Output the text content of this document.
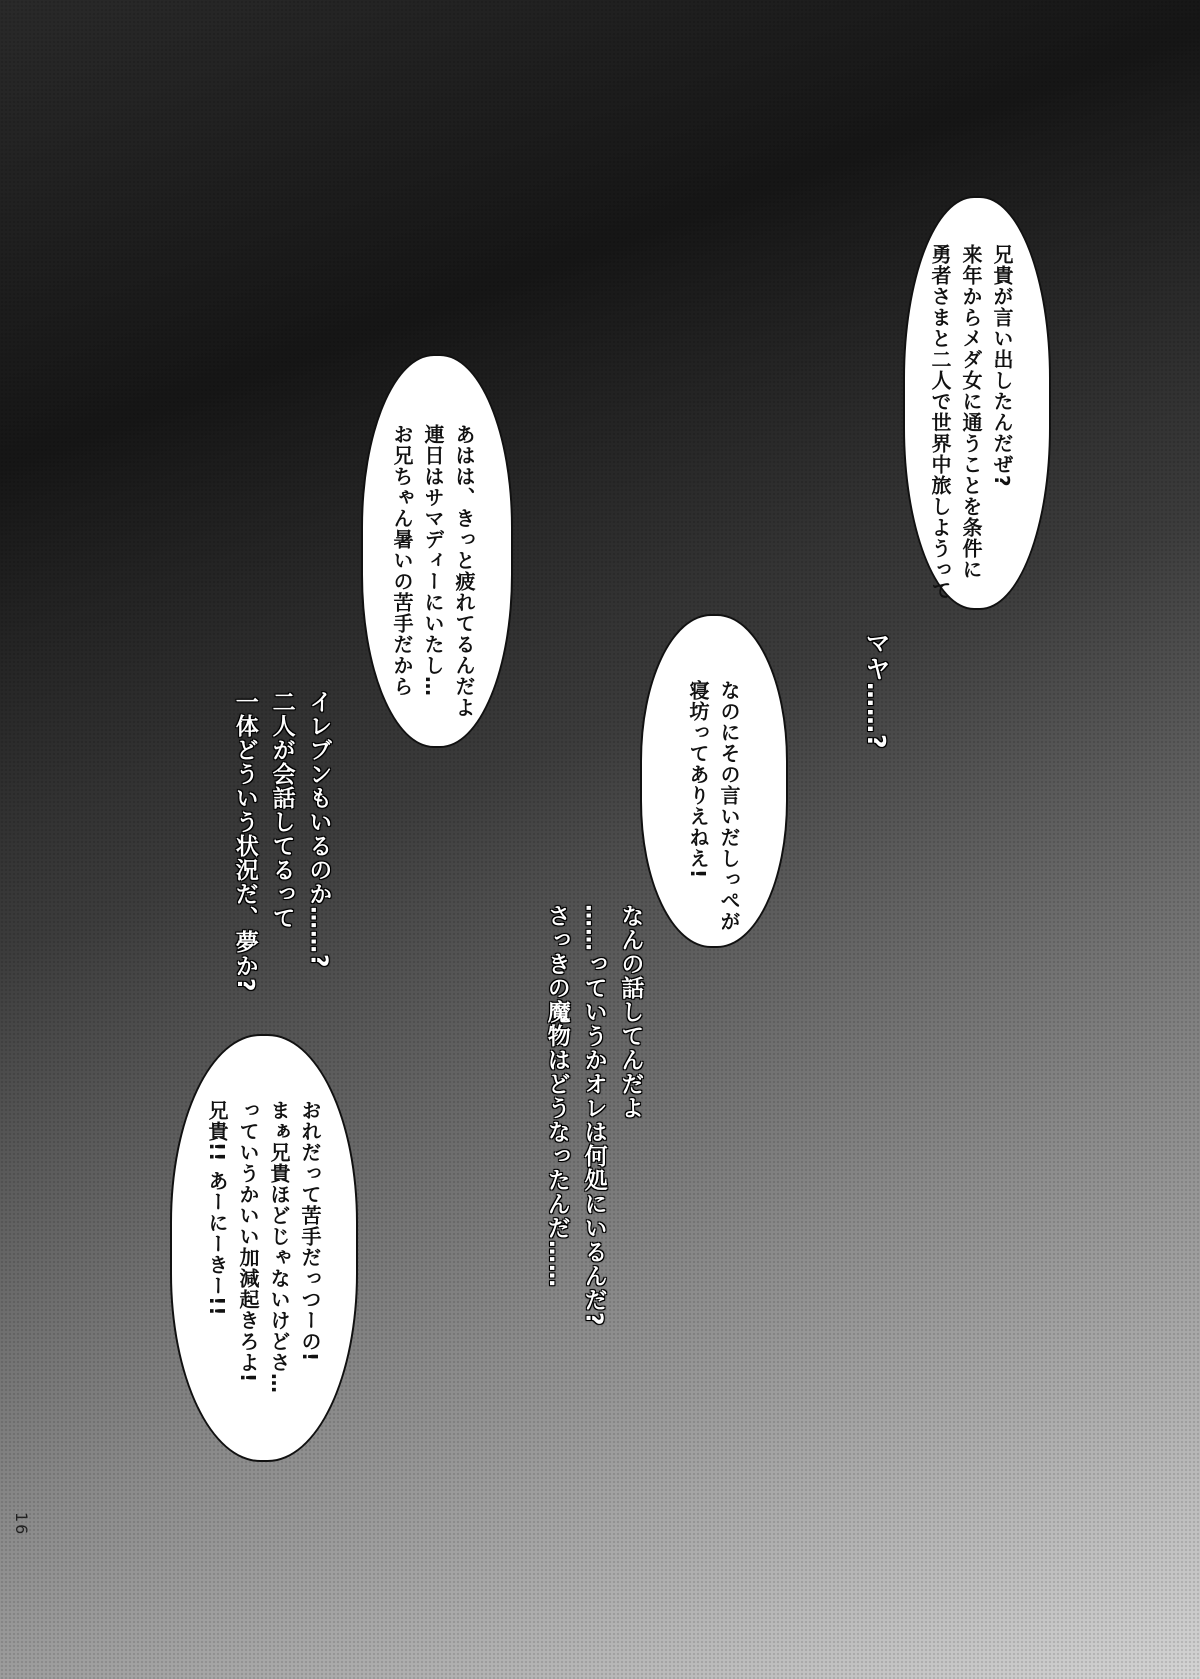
兄貴が言い出したんだぜ?
来年からメダ女に通うことを条件に
勇者さまと二人で世界中旅しようって
あはは、きっと疲れてるんだよ
連日はサマディーにいたし…
お兄ちゃん暑いの苦手だから
なのにその言いだしっぺが
寝坊ってありえねえ!
おれだって苦手だっつーの!
まぁ兄貴ほどじゃないけどさ…
っていうかいい加減起きろよ!
兄貴!! あーにーきー!!
マヤ……?
イレブンもいるのか……?
二人が会話してるって
一体どういう状況だ、夢か?
なんの話してんだよ
……っていうかオレは何処にいるんだ?
さっきの魔物はどうなったんだ……
16
